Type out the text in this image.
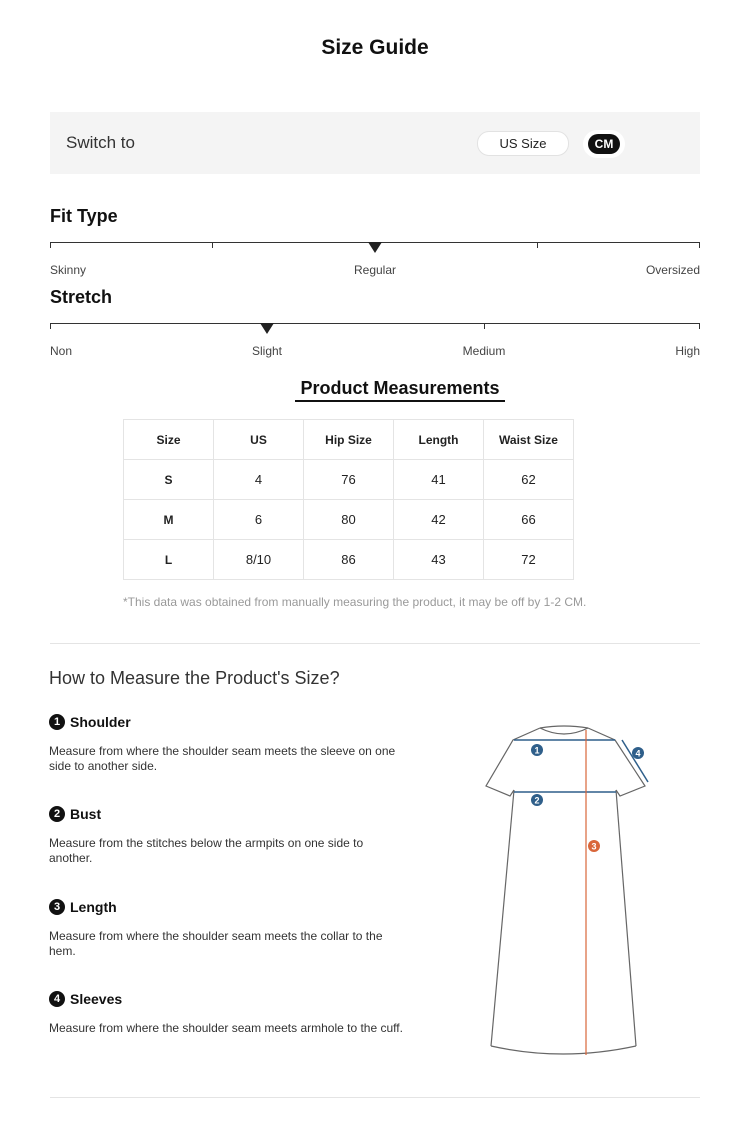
Size Guide
Switch to	US Size	CM
Fit Type
Skinny	Regular	Oversized
Stretch
Non	Slight	Medium	High
Product Measurements
Size	US	Hip Size	Length	Waist Size
S	4	76	41	62
M	6	80	42	66
L	8/10	86	43	72
*This data was obtained from manually measuring the product, it may be off by 1-2 CM.
How to Measure the Product's Size?
1 Shoulder
Measure from where the shoulder seam meets the sleeve on one side to another side.
2 Bust
Measure from the stitches below the armpits on one side to another.
3 Length
Measure from where the shoulder seam meets the collar to the hem.
4 Sleeves
Measure from where the shoulder seam meets armhole to the cuff.
1
2
3
4
